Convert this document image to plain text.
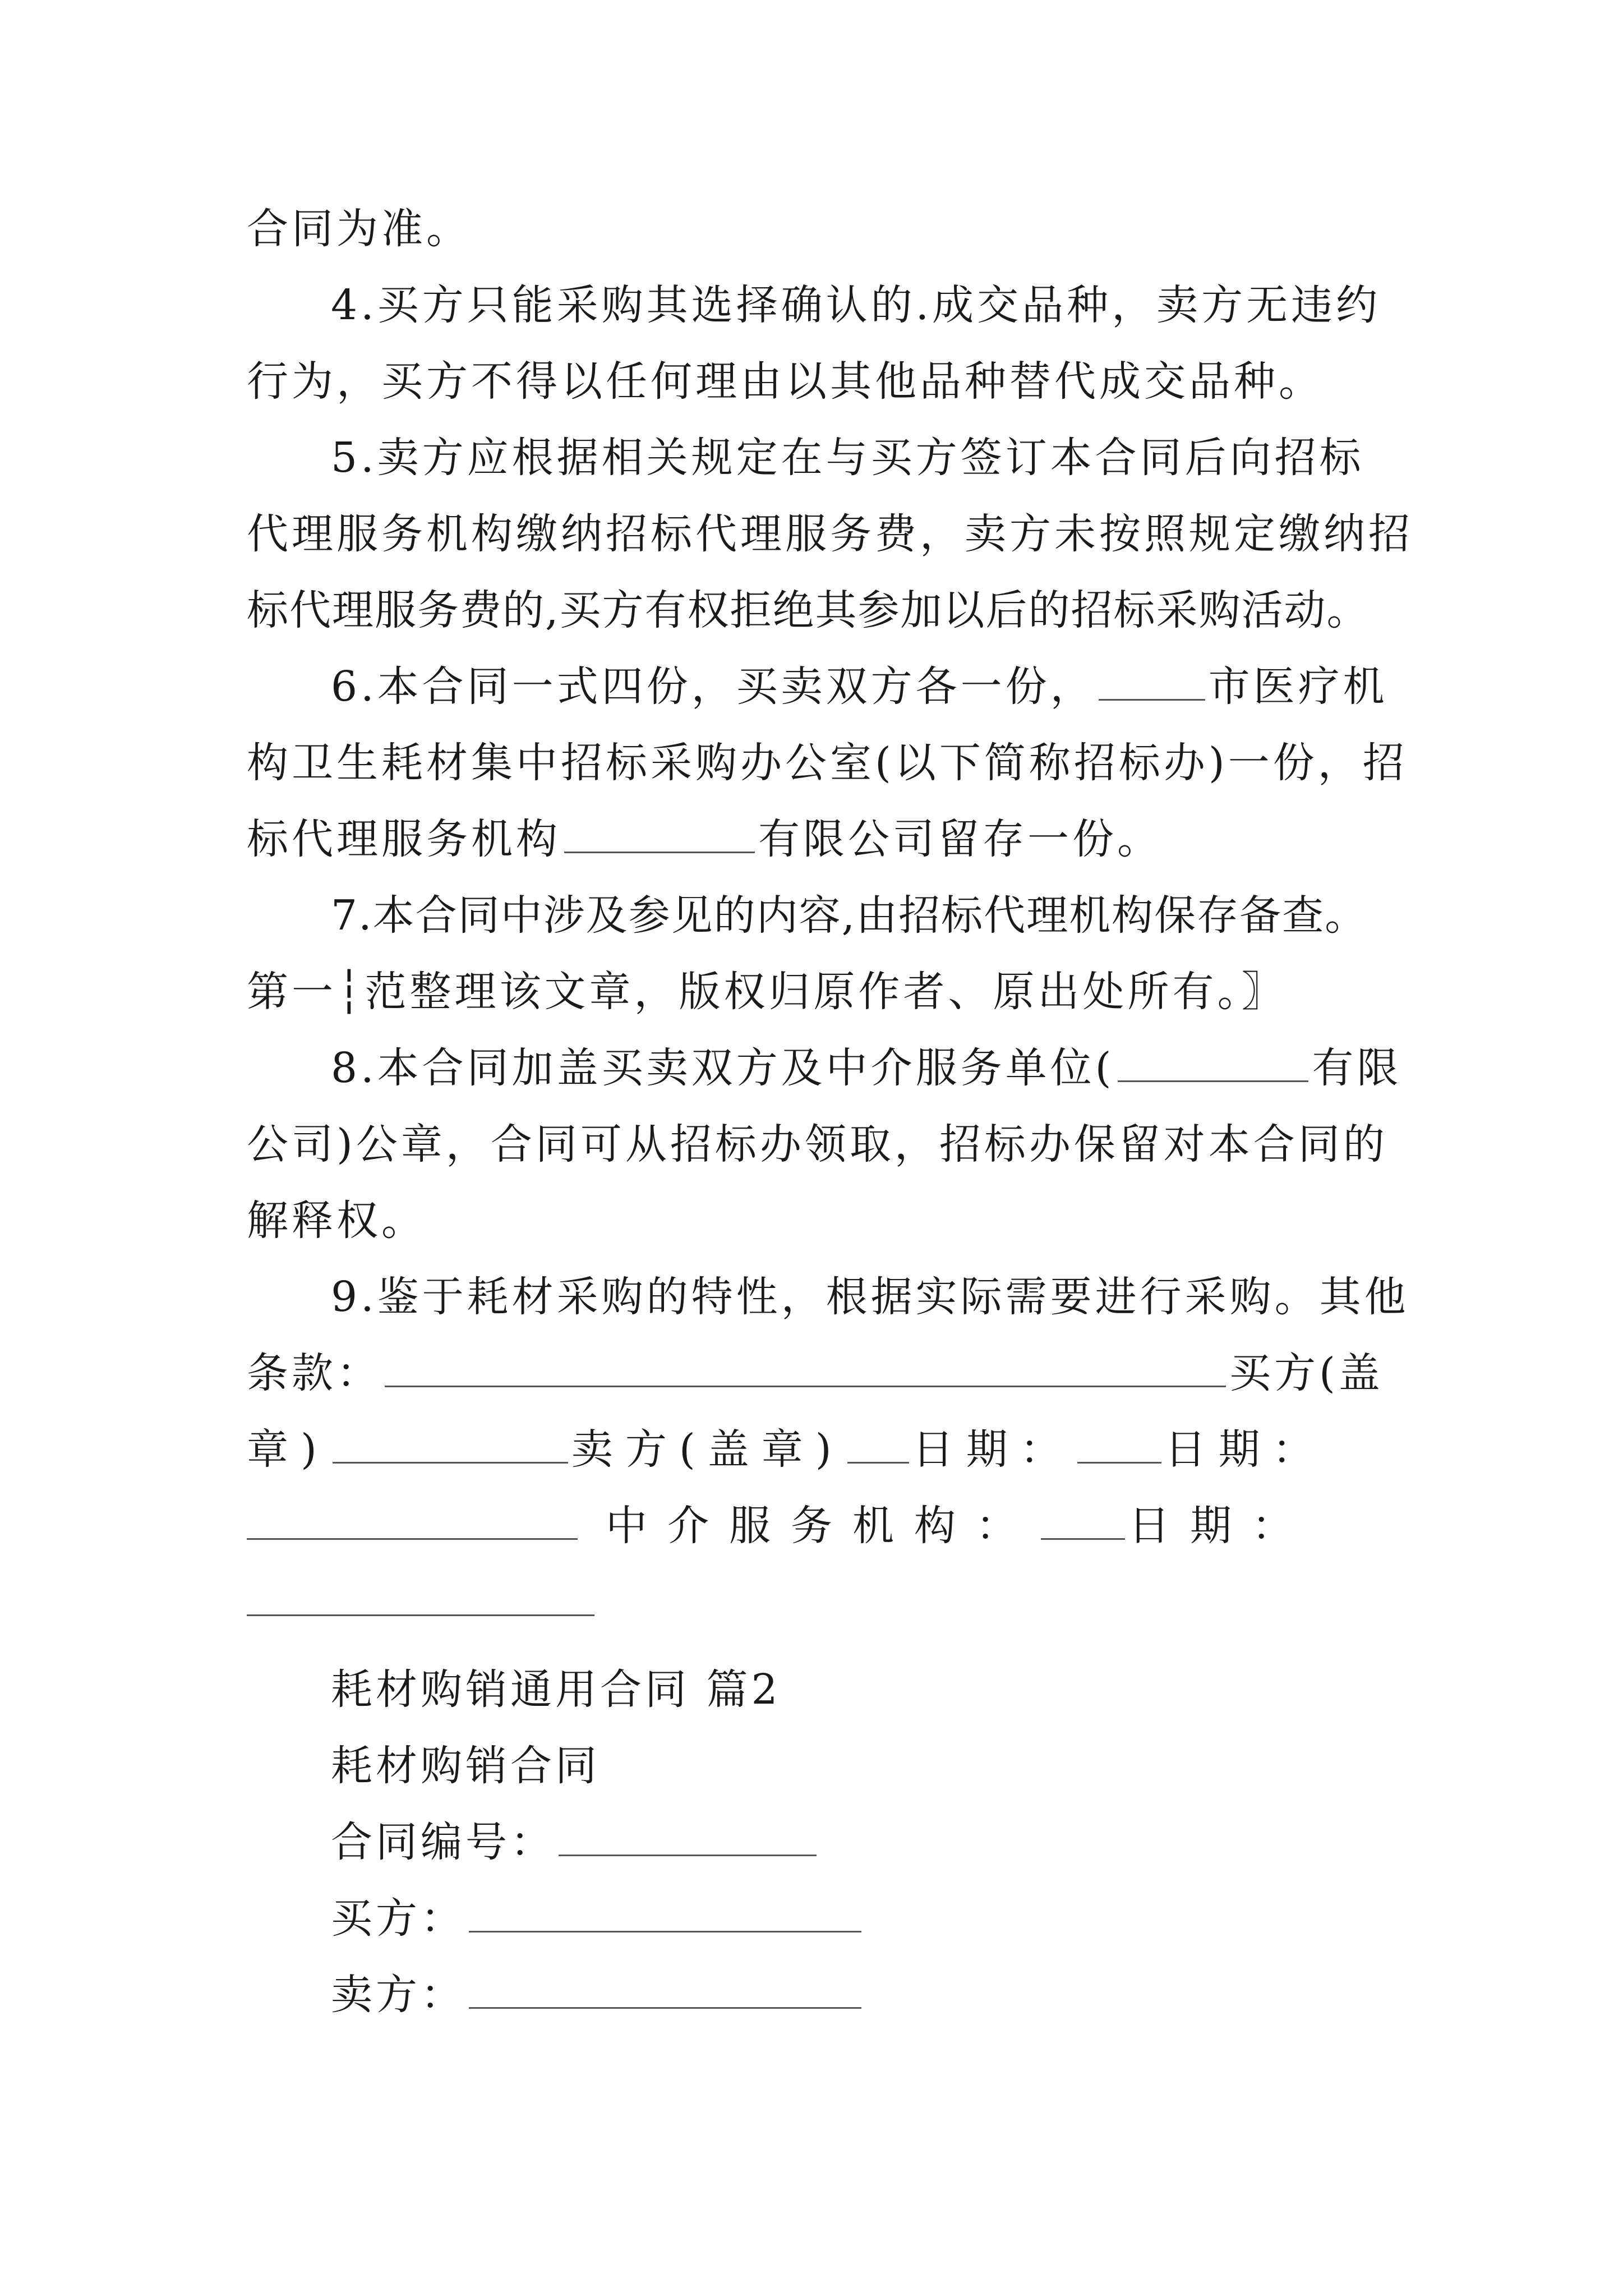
合同为准。
4.买方只能采购其选择确认的.成交品种，卖方无违约
行为，买方不得以任何理由以其他品种替代成交品种。
5.卖方应根据相关规定在与买方签订本合同后向招标
代理服务机构缴纳招标代理服务费，卖方未按照规定缴纳招
标代理服务费的,买方有权拒绝其参加以后的招标采购活动。
6.本合同一式四份，买卖双方各一份，	市医疗机
构卫生耗材集中招标采购办公室(以下简称招标办)一份，招
标代理服务机构	有限公司留存一份。
7.本合同中涉及参见的内容,由招标代理机构保存备查。
第一┆范整理该文章，版权归原作者、原出处所有。〗
8.本合同加盖买卖双方及中介服务单位(	有限
公司)公章，合同可从招标办领取，招标办保留对本合同的
解释权。
9.鉴于耗材采购的特性，根据实际需要进行采购。其他
条款：	买方(盖
章)	卖方(盖章) 日期： 日期：
中介服务机构： 日期：
耗材购销通用合同 篇2
耗材购销合同
合同编号：
买方：
卖方：
